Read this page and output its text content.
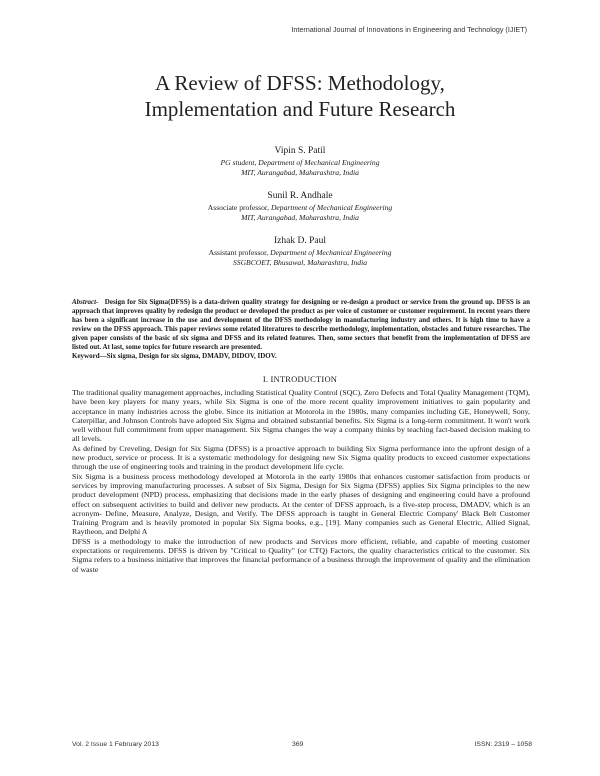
International Journal of Innovations in Engineering and Technology (IJIET)
A Review of DFSS: Methodology,
Implementation and Future Research
Vipin S. Patil
PG student, Department of Mechanical Engineering
MIT, Aurangabad, Maharashtra, India
Sunil R. Andhale
Associate professor, Department of Mechanical Engineering
MIT, Aurangabad, Maharashtra, India
Izhak D. Paul
Assistant professor, Department of Mechanical Engineering
SSGBCOET, Bhusawal, Maharashtra, India

Abstract- Design for Six Sigma(DFSS) is a data-driven quality strategy for designing or re-design a product or service from the ground up. DFSS is an approach that improves quality by redesign the product or developed the product as per voice of customer or customer requirement. In recent years there has been a significant increase in the use and development of the DFSS methodology in manufacturing industry and others. It is high time to have a review on the DFSS approach. This paper reviews some related literatures to describe methodology, implementation, obstacles and future researches. The given paper consists of the basic of six sigma and DFSS and its related features. Then, some sectors that benefit from the implementation of DFSS are listed out. At last, some topics for future research are presented.

Keyword—Six sigma, Design for six sigma, DMADV, DIDOV, IDOV.

I. INTRODUCTION

The traditional quality management approaches, including Statistical Quality Control (SQC), Zero Defects and Total Quality Management (TQM), have been key players for many years, while Six Sigma is one of the more recent quality improvement initiatives to gain popularity and acceptance in many industries across the globe. Since its initiation at Motorola in the 1980s, many companies including GE, Honeywell, Sony, Caterpillar, and Johnson Controls have adopted Six Sigma and obtained substantial benefits. Six Sigma is a long-term commitment. It won't work well without full commitment from upper management. Six Sigma changes the way a company thinks by teaching fact-based decision making to all levels.

As defined by Creveling, Design for Six Sigma (DFSS) is a proactive approach to building Six Sigma performance into the upfront design of a new product, service or process. It is a systematic methodology for designing new Six Sigma quality products to exceed customer expectations through the use of engineering tools and training in the product development life cycle.

Six Sigma is a business process methodology developed at Motorola in the early 1980s that enhances customer satisfaction from products or services by improving manufacturing processes. A subset of Six Sigma, Design for Six Sigma (DFSS) applies Six Sigma principles to the new product development (NPD) process, emphasizing that decisions made in the early phases of designing and engineering could have a profound effect on subsequent activities to build and deliver new products. At the center of DFSS approach, is a five-step process, DMADV, which is an acronym- Define, Measure, Analyze, Design, and Verify. The DFSS approach is taught in General Electric Company' Black Belt Customer Training Program and is heavily promoted in popular Six Sigma books, e.g., [19]. Many companies such as General Electric, Allied Signal, Raytheon, and Delphi A

DFSS is a methodology to make the introduction of new products and Services more efficient, reliable, and capable of meeting customer expectations or requirements. DFSS is driven by "Critical to Quality" (or CTQ) Factors, the quality characteristics critical to the customer. Six Sigma refers to a business initiative that improves the financial performance of a business through the improvement of quality and the elimination of waste

Vol. 2 Issue 1 February 2013	369	ISSN: 2319 – 1058
